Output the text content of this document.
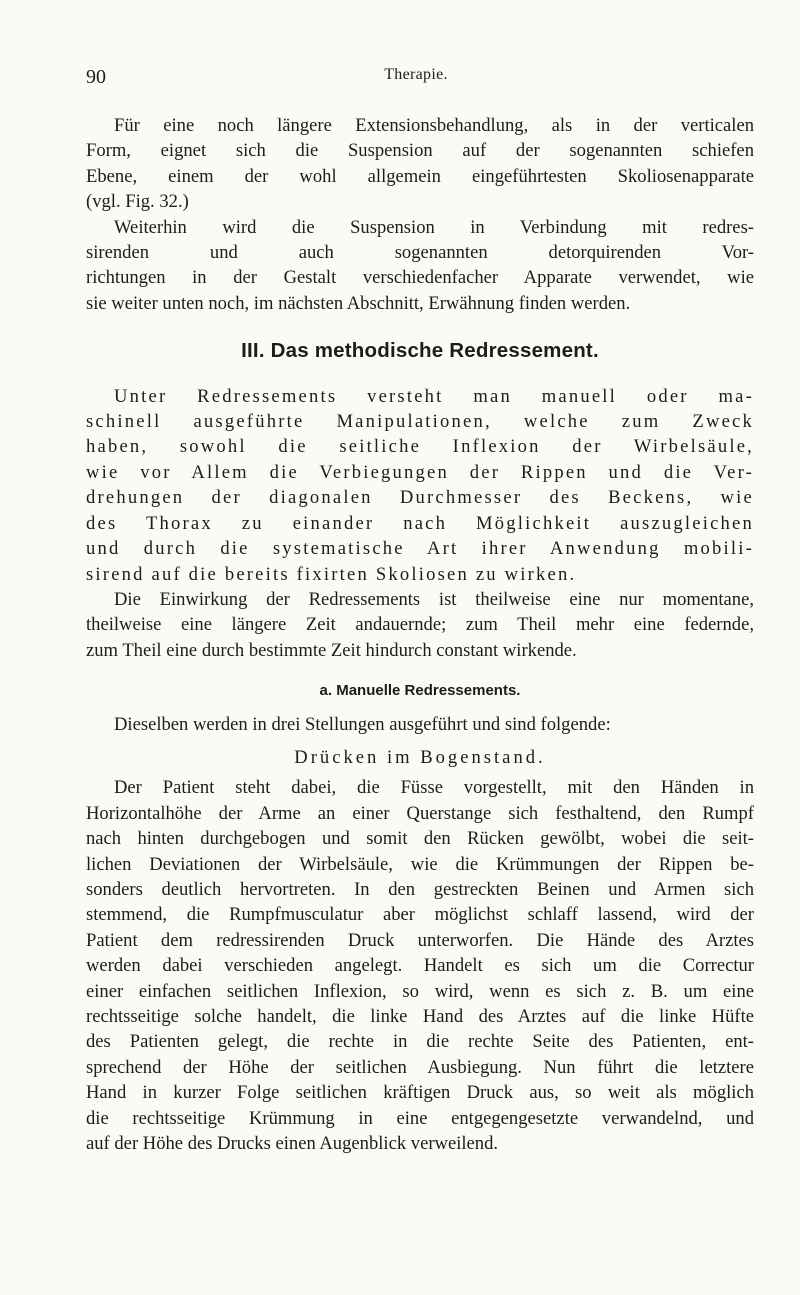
90	Therapie.
Für eine noch längere Extensionsbehandlung, als in der verticalen
Form, eignet sich die Suspension auf der sogenannten schiefen
Ebene, einem der wohl allgemein eingeführtesten Skoliosenapparate
(vgl. Fig. 32.)
Weiterhin wird die Suspension in Verbindung mit redres-
sirenden und auch sogenannten detorquirenden Vor-
richtungen in der Gestalt verschiedenfacher Apparate verwendet, wie
sie weiter unten noch, im nächsten Abschnitt, Erwähnung finden werden.
III. Das methodische Redressement.
Unter Redressements versteht man manuell oder ma-
schinell ausgeführte Manipulationen, welche zum Zweck
haben, sowohl die seitliche Inflexion der Wirbelsäule,
wie vor Allem die Verbiegungen der Rippen und die Ver-
drehungen der diagonalen Durchmesser des Beckens, wie
des Thorax zu einander nach Möglichkeit auszugleichen
und durch die systematische Art ihrer Anwendung mobili-
sirend auf die bereits fixirten Skoliosen zu wirken.
Die Einwirkung der Redressements ist theilweise eine nur momentane,
theilweise eine längere Zeit andauernde; zum Theil mehr eine federnde,
zum Theil eine durch bestimmte Zeit hindurch constant wirkende.
a. Manuelle Redressements.
Dieselben werden in drei Stellungen ausgeführt und sind folgende:
Drücken im Bogenstand.
Der Patient steht dabei, die Füsse vorgestellt, mit den Händen in
Horizontalhöhe der Arme an einer Querstange sich festhaltend, den Rumpf
nach hinten durchgebogen und somit den Rücken gewölbt, wobei die seit-
lichen Deviationen der Wirbelsäule, wie die Krümmungen der Rippen be-
sonders deutlich hervortreten. In den gestreckten Beinen und Armen sich
stemmend, die Rumpfmusculatur aber möglichst schlaff lassend, wird der
Patient dem redressirenden Druck unterworfen. Die Hände des Arztes
werden dabei verschieden angelegt. Handelt es sich um die Correctur
einer einfachen seitlichen Inflexion, so wird, wenn es sich z. B. um eine
rechtsseitige solche handelt, die linke Hand des Arztes auf die linke Hüfte
des Patienten gelegt, die rechte in die rechte Seite des Patienten, ent-
sprechend der Höhe der seitlichen Ausbiegung. Nun führt die letztere
Hand in kurzer Folge seitlichen kräftigen Druck aus, so weit als möglich
die rechtsseitige Krümmung in eine entgegengesetzte verwandelnd, und
auf der Höhe des Drucks einen Augenblick verweilend.
